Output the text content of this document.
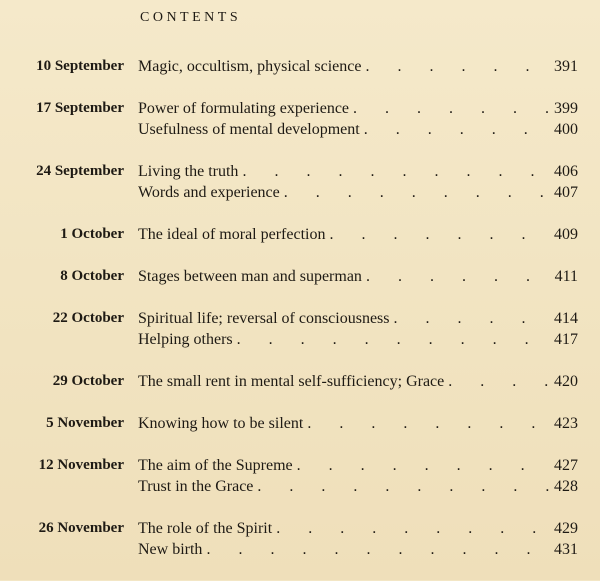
CONTENTS
10 September Magic, occultism, physical science .	391
17 September Power of formulating experience .	399
Usefulness of mental development .	400
24 September Living the truth .	406
Words and experience .	407
1 October The ideal of moral perfection .	409
8 October Stages between man and superman .	411
22 October Spiritual life; reversal of consciousness .	414
Helping others .	417
29 October The small rent in mental self-sufficiency; Grace .	420
5 November Knowing how to be silent .	423
12 November The aim of the Supreme .	427
Trust in the Grace .	428
26 November The role of the Spirit .	429
New birth .	431
